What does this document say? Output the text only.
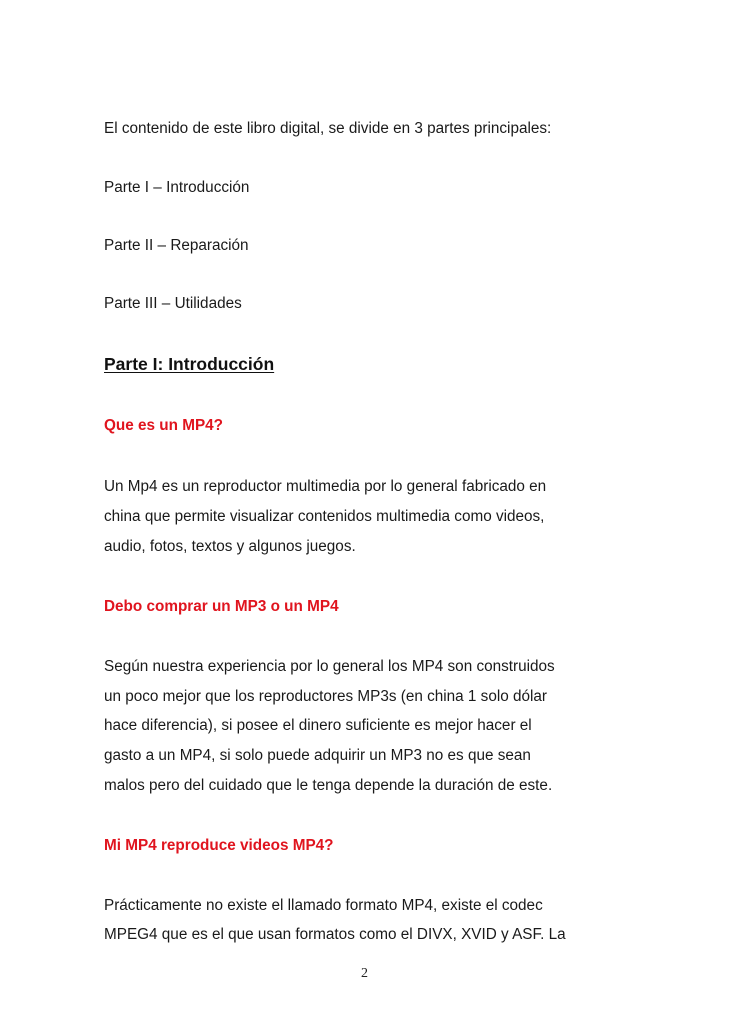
El contenido de este libro digital, se divide en 3 partes principales:
Parte I – Introducción
Parte II – Reparación
Parte III – Utilidades
Parte I: Introducción
Que es un MP4?
Un Mp4 es un reproductor multimedia por lo general fabricado en
china que permite visualizar contenidos multimedia como videos,
audio, fotos, textos y algunos juegos.
Debo comprar un MP3 o un MP4
Según nuestra experiencia por lo general los MP4 son construidos
un poco mejor que los reproductores MP3s (en china 1 solo dólar
hace diferencia), si posee el dinero suficiente es mejor hacer el
gasto a un MP4, si solo puede adquirir un MP3 no es que sean
malos pero del cuidado que le tenga depende la duración de este.
Mi MP4 reproduce videos MP4?
Prácticamente no existe el llamado formato MP4, existe el codec
MPEG4 que es el que usan formatos como el DIVX, XVID y ASF. La
2
